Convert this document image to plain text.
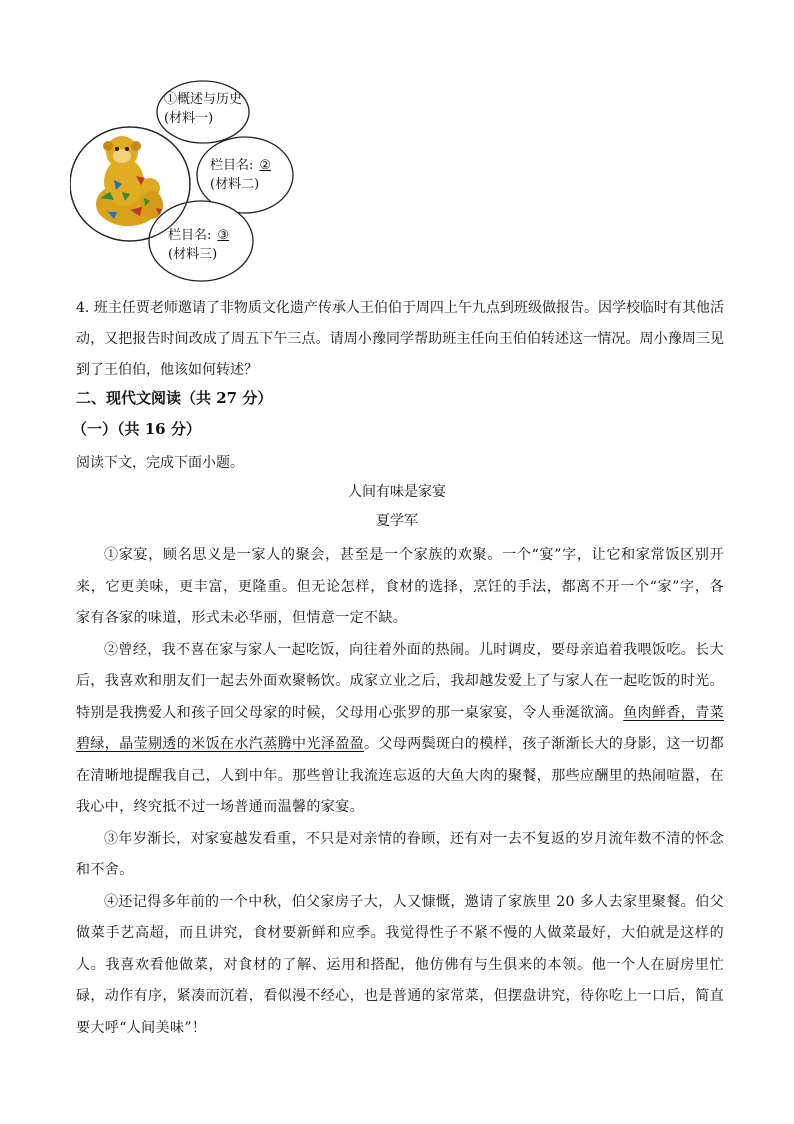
①概述与历史
(材料一)
栏目名: ②
(材料二)
栏目名: ③
(材料三)
4. 班主任贾老师邀请了非物质文化遗产传承人王伯伯于周四上午九点到班级做报告。因学校临时有其他活动，又把报告时间改成了周五下午三点。请周小豫同学帮助班主任向王伯伯转述这一情况。周小豫周三见到了王伯伯，他该如何转述？
二、现代文阅读（共 27 分）
（一）（共 16 分）
阅读下文，完成下面小题。
人间有味是家宴
夏学军

①家宴，顾名思义是一家人的聚会，甚至是一个家族的欢聚。一个“宴”字，让它和家常饭区别开来，它更美味，更丰富，更隆重。但无论怎样，食材的选择，烹饪的手法，都离不开一个“家”字，各家有各家的味道，形式未必华丽，但情意一定不缺。

②曾经，我不喜在家与家人一起吃饭，向往着外面的热闹。儿时调皮，要母亲追着我喂饭吃。长大后，我喜欢和朋友们一起去外面欢聚畅饮。成家立业之后，我却越发爱上了与家人在一起吃饭的时光。特别是我携爱人和孩子回父母家的时候，父母用心张罗的那一桌家宴，令人垂涎欲滴。鱼肉鲜香，青菜碧绿，晶莹剔透的米饭在水汽蒸腾中光泽盈盈。父母两鬓斑白的模样，孩子渐渐长大的身影，这一切都在清晰地提醒我自己，人到中年。那些曾让我流连忘返的大鱼大肉的聚餐，那些应酬里的热闹喧嚣，在我心中，终究抵不过一场普通而温馨的家宴。

③年岁渐长，对家宴越发看重，不只是对亲情的眷顾，还有对一去不复返的岁月流年数不清的怀念和不舍。

④还记得多年前的一个中秋，伯父家房子大，人又慷慨，邀请了家族里 20 多人去家里聚餐。伯父做菜手艺高超，而且讲究，食材要新鲜和应季。我觉得性子不紧不慢的人做菜最好，大伯就是这样的人。我喜欢看他做菜，对食材的了解、运用和搭配，他仿佛有与生俱来的本领。他一个人在厨房里忙碌，动作有序，紧凑而沉着，看似漫不经心，也是普通的家常菜，但摆盘讲究，待你吃上一口后，简直要大呼“人间美味”！
